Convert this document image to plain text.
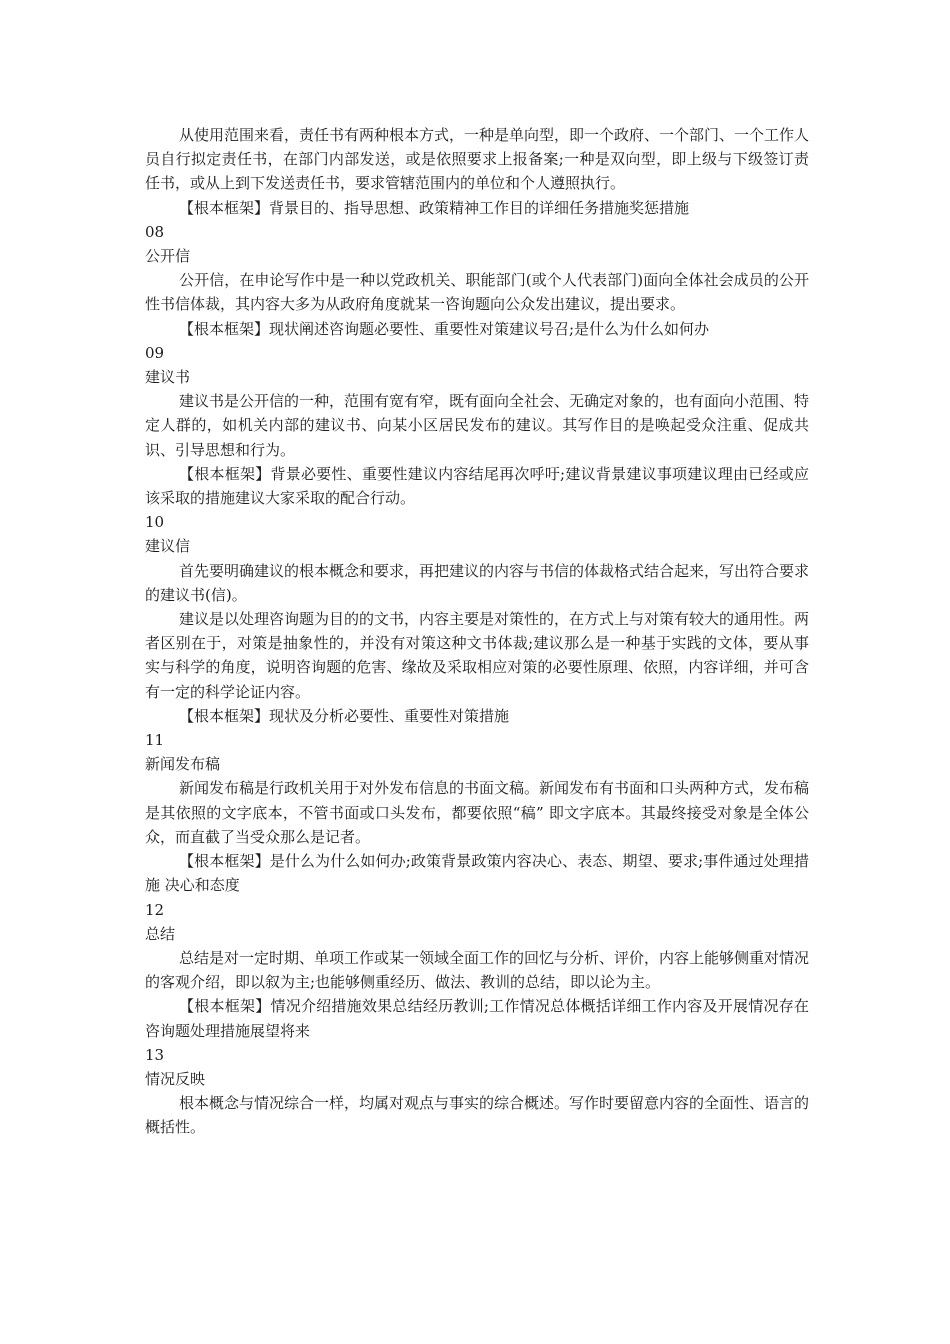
从使用范围来看，责任书有两种根本方式，一种是单向型，即一个政府、一个部门、一个工作人员自行拟定责任书，在部门内部发送，或是依照要求上报备案;一种是双向型，即上级与下级签订责任书，或从上到下发送责任书，要求管辖范围内的单位和个人遵照执行。

【根本框架】背景目的、指导思想、政策精神工作目的详细任务措施奖惩措施

08

公开信

公开信，在申论写作中是一种以党政机关、职能部门(或个人代表部门)面向全体社会成员的公开性书信体裁，其内容大多为从政府角度就某一咨询题向公众发出建议，提出要求。

【根本框架】现状阐述咨询题必要性、重要性对策建议号召;是什么为什么如何办

09

建议书

建议书是公开信的一种，范围有宽有窄，既有面向全社会、无确定对象的，也有面向小范围、特定人群的，如机关内部的建议书、向某小区居民发布的建议。其写作目的是唤起受众注重、促成共识、引导思想和行为。

【根本框架】背景必要性、重要性建议内容结尾再次呼吁;建议背景建议事项建议理由已经或应该采取的措施建议大家采取的配合行动。

10

建议信

首先要明确建议的根本概念和要求，再把建议的内容与书信的体裁格式结合起来，写出符合要求的建议书(信)。

建议是以处理咨询题为目的的文书，内容主要是对策性的，在方式上与对策有较大的通用性。两者区别在于，对策是抽象性的，并没有对策这种文书体裁;建议那么是一种基于实践的文体，要从事实与科学的角度，说明咨询题的危害、缘故及采取相应对策的必要性原理、依照，内容详细，并可含有一定的科学论证内容。

【根本框架】现状及分析必要性、重要性对策措施

11

新闻发布稿

新闻发布稿是行政机关用于对外发布信息的书面文稿。新闻发布有书面和口头两种方式，发布稿是其依照的文字底本，不管书面或口头发布，都要依照“稿” 即文字底本。其最终接受对象是全体公众，而直截了当受众那么是记者。

【根本框架】是什么为什么如何办;政策背景政策内容决心、表态、期望、要求;事件通过处理措施 决心和态度

12

总结

总结是对一定时期、单项工作或某一领域全面工作的回忆与分析、评价，内容上能够侧重对情况的客观介绍，即以叙为主;也能够侧重经历、做法、教训的总结，即以论为主。

【根本框架】情况介绍措施效果总结经历教训;工作情况总体概括详细工作内容及开展情况存在咨询题处理措施展望将来

13

情况反映

根本概念与情况综合一样，均属对观点与事实的综合概述。写作时要留意内容的全面性、语言的概括性。
